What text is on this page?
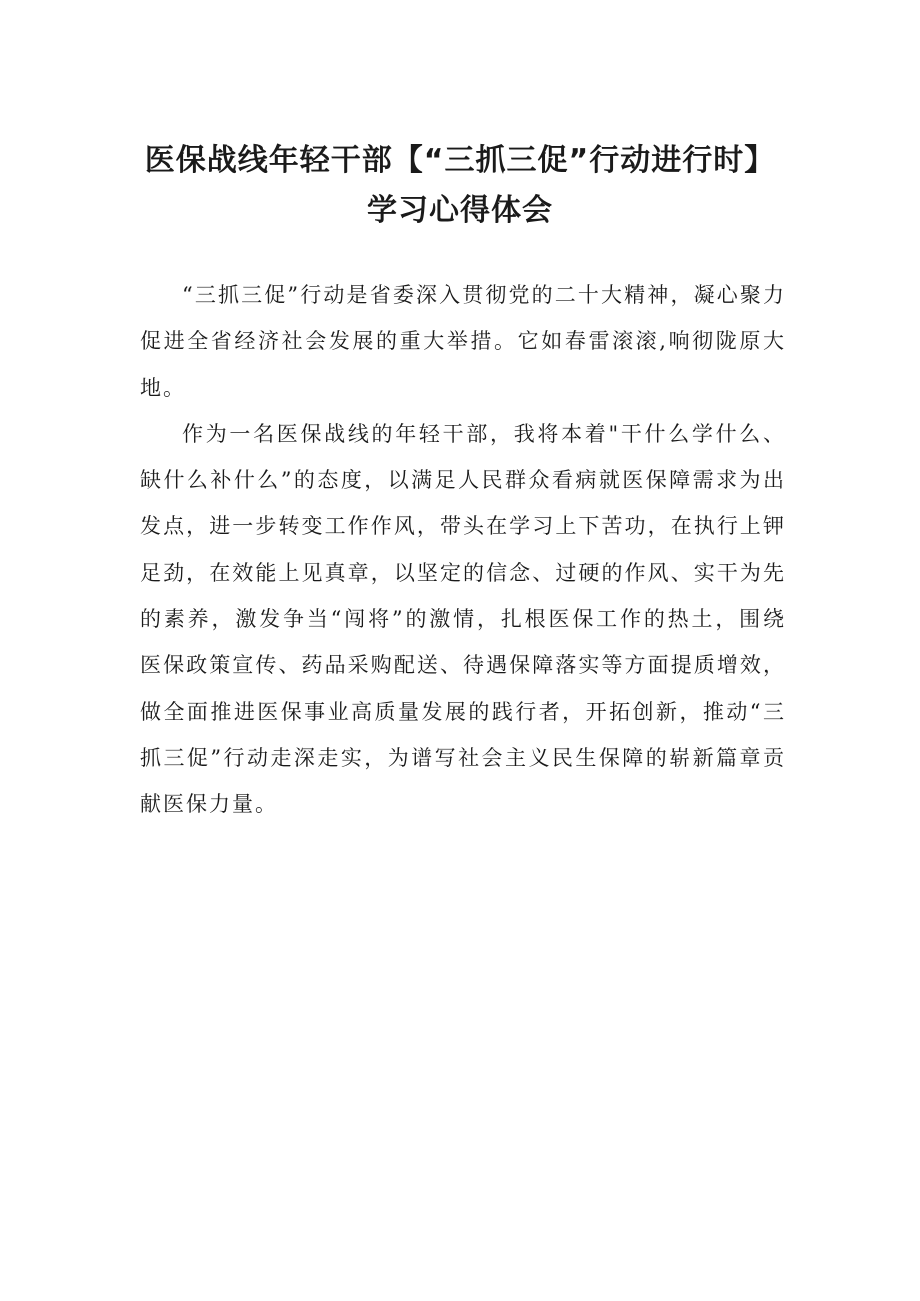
医保战线年轻干部【“三抓三促”行动进行时】
学习心得体会

“三抓三促”行动是省委深入贯彻党的二十大精神，凝心聚力促进全省经济社会发展的重大举措。它如春雷滚滚,响彻陇原大地。

作为一名医保战线的年轻干部，我将本着"干什么学什么、缺什么补什么”的态度，以满足人民群众看病就医保障需求为出发点，进一步转变工作作风，带头在学习上下苦功，在执行上钾足劲，在效能上见真章，以坚定的信念、过硬的作风、实干为先的素养，激发争当“闯将”的激情，扎根医保工作的热土，围绕医保政策宣传、药品采购配送、待遇保障落实等方面提质增效，做全面推进医保事业高质量发展的践行者，开拓创新，推动“三抓三促”行动走深走实，为谱写社会主义民生保障的崭新篇章贡献医保力量。
